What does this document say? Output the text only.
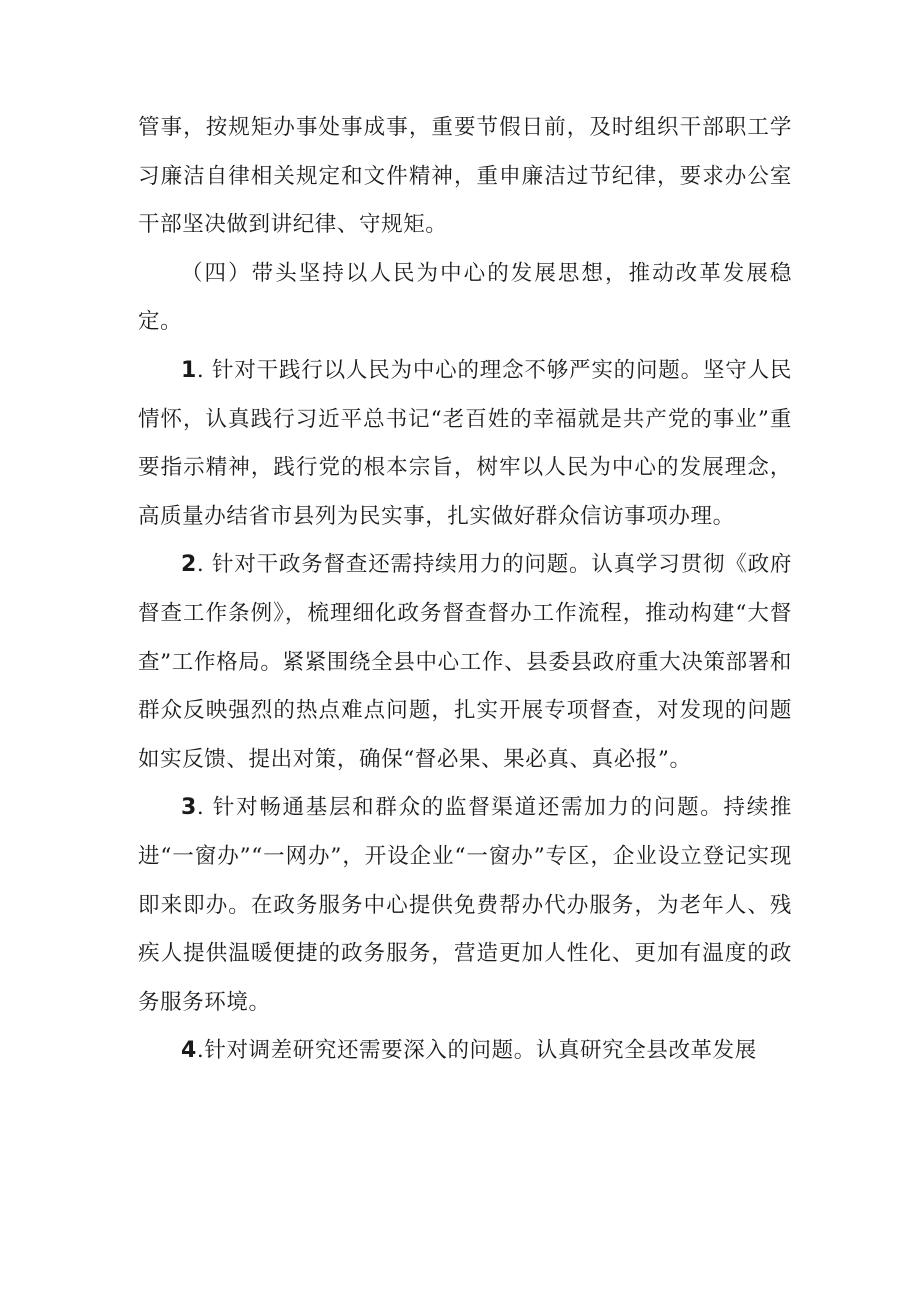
管事，按规矩办事处事成事，重要节假日前，及时组织干部职工学习廉洁自律相关规定和文件精神，重申廉洁过节纪律，要求办公室干部坚决做到讲纪律、守规矩。

（四）带头坚持以人民为中心的发展思想，推动改革发展稳定。

1. 针对干践行以人民为中心的理念不够严实的问题。坚守人民情怀，认真践行习近平总书记“老百姓的幸福就是共产党的事业”重要指示精神，践行党的根本宗旨，树牢以人民为中心的发展理念，高质量办结省市县列为民实事，扎实做好群众信访事项办理。

2. 针对干政务督查还需持续用力的问题。认真学习贯彻《政府督查工作条例》，梳理细化政务督查督办工作流程，推动构建“大督查”工作格局。紧紧围绕全县中心工作、县委县政府重大决策部署和群众反映强烈的热点难点问题，扎实开展专项督查，对发现的问题如实反馈、提出对策，确保“督必果、果必真、真必报”。

3. 针对畅通基层和群众的监督渠道还需加力的问题。持续推进“一窗办”“一网办”，开设企业“一窗办”专区，企业设立登记实现即来即办。在政务服务中心提供免费帮办代办服务，为老年人、残疾人提供温暖便捷的政务服务，营造更加人性化、更加有温度的政务服务环境。

4.针对调差研究还需要深入的问题。认真研究全县改革发展
